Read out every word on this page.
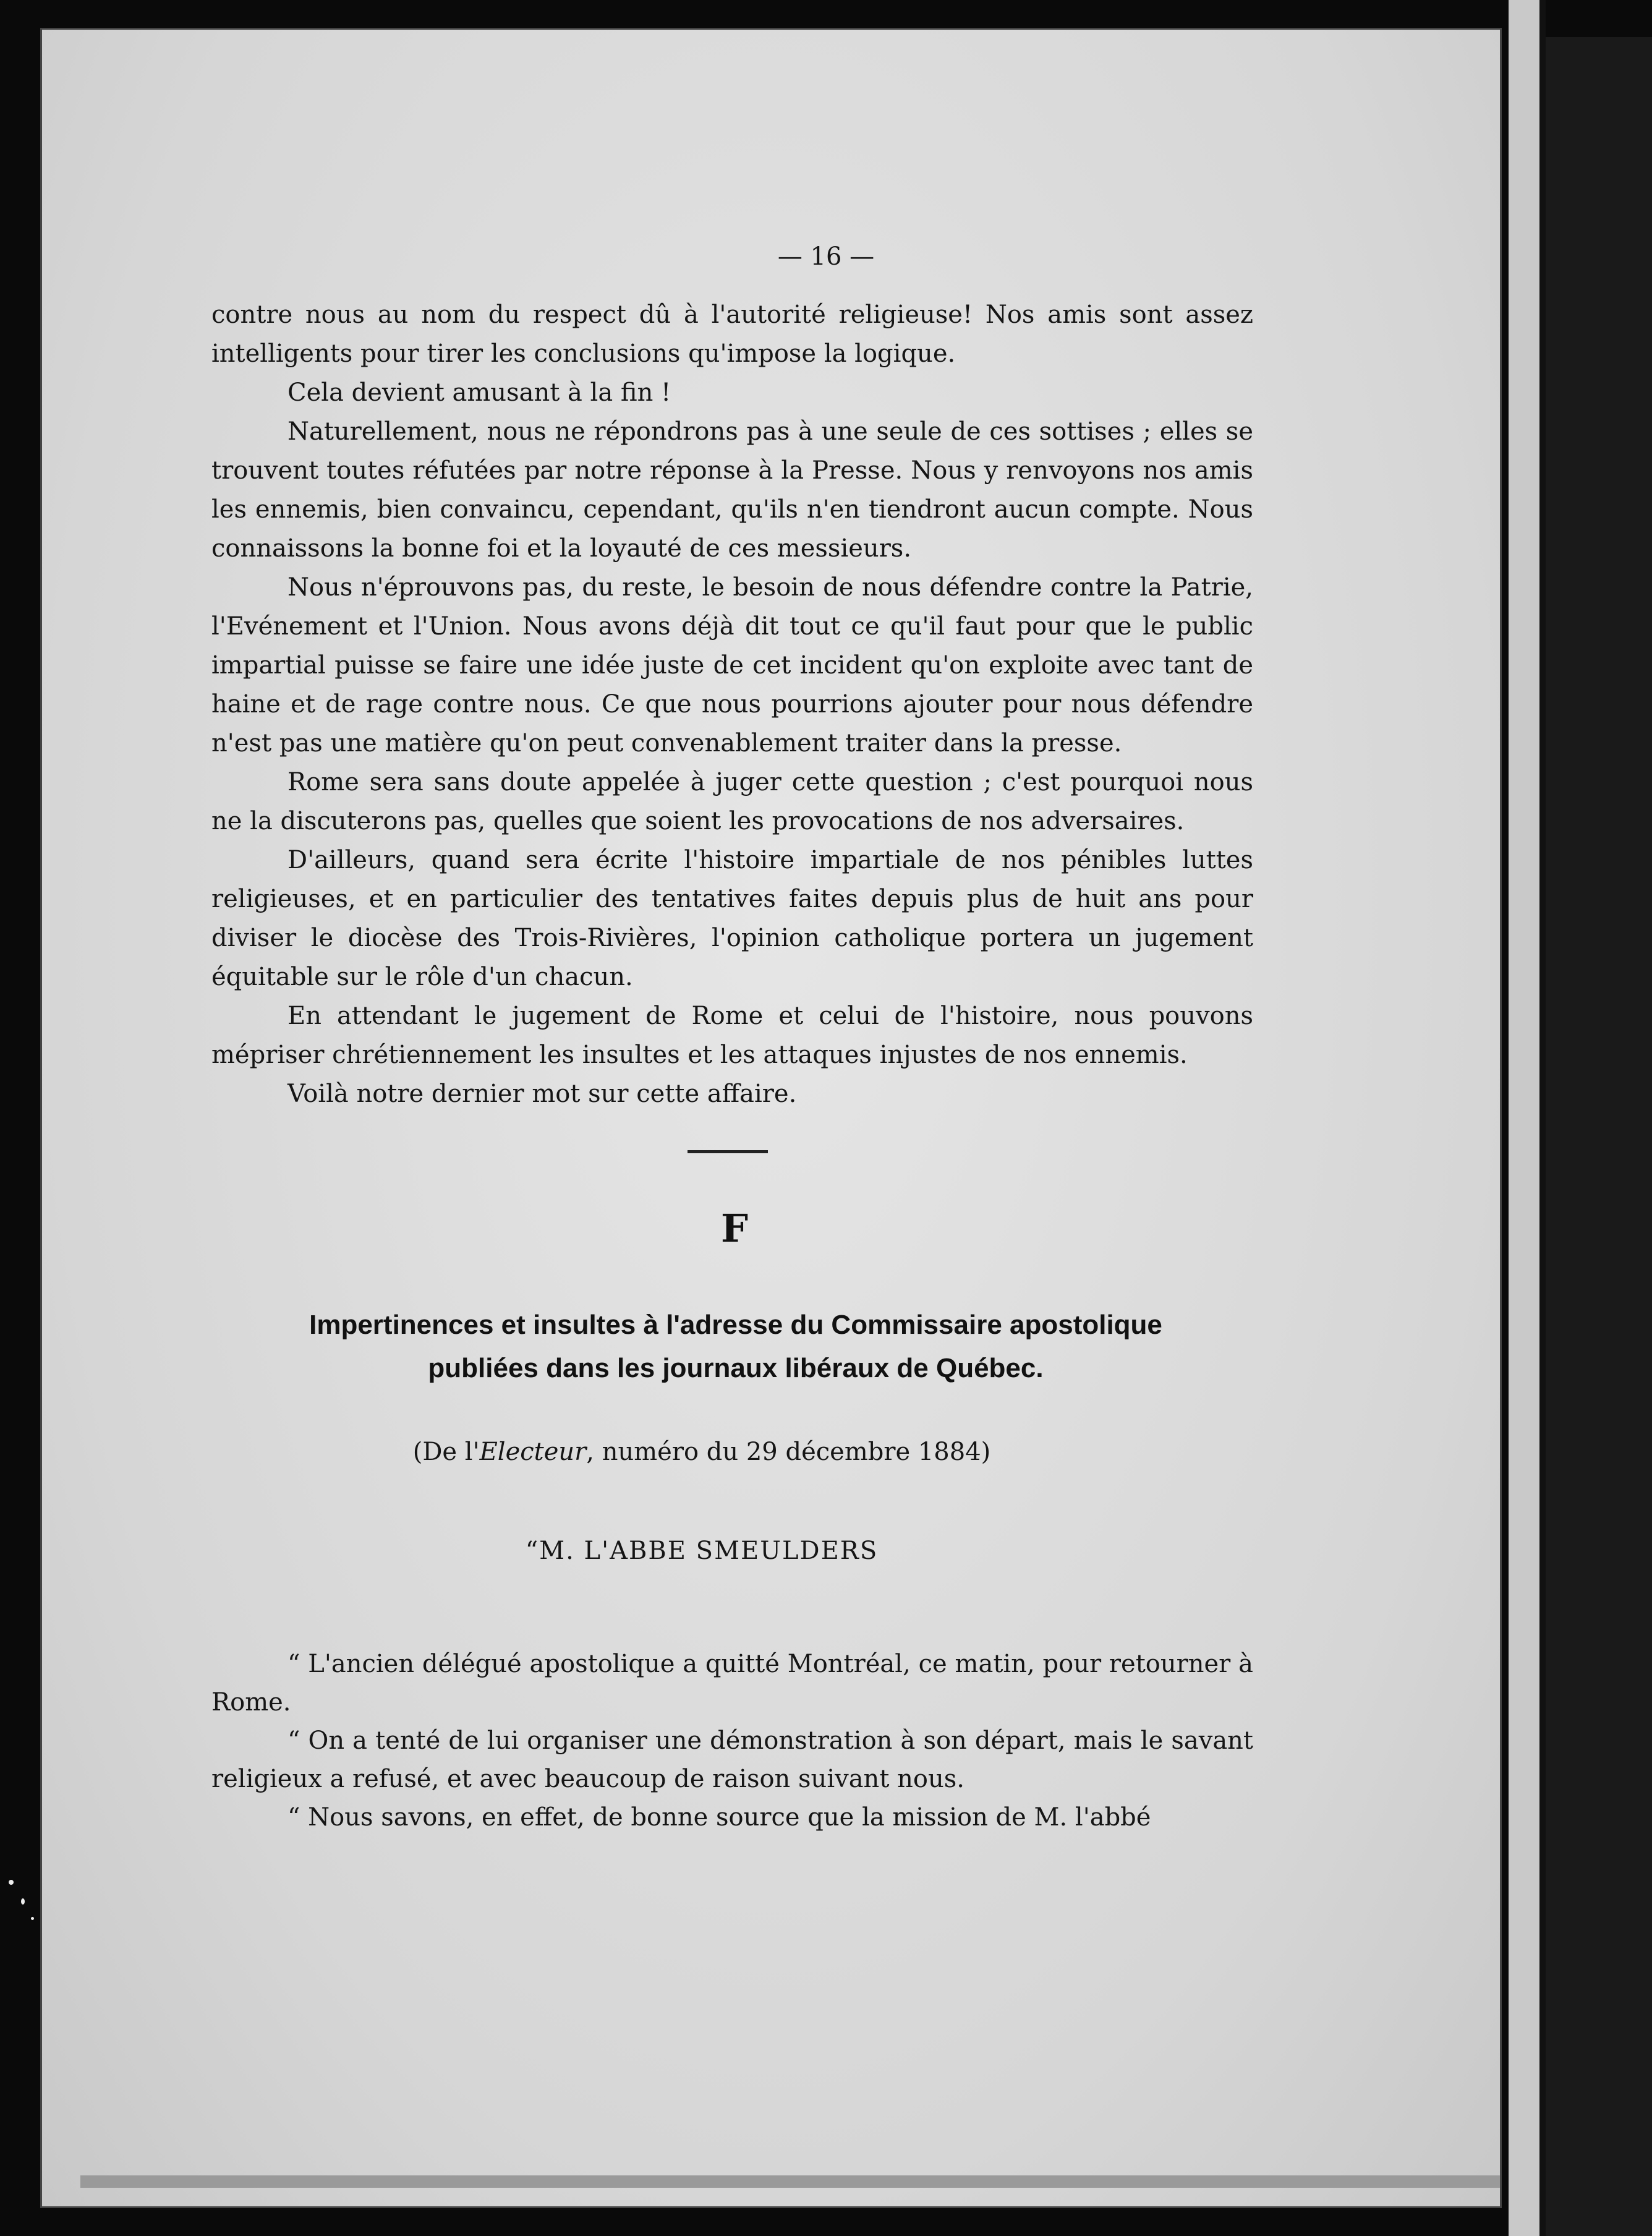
— 16 —

contre nous au nom du respect dû à l'autorité religieuse! Nos amis sont assez intelligents pour tirer les conclusions qu'impose la logique.

Cela devient amusant à la fin !

Naturellement, nous ne répondrons pas à une seule de ces sottises ; elles se trouvent toutes réfutées par notre réponse à la Presse. Nous y renvoyons nos amis les ennemis, bien convaincu, cependant, qu'ils n'en tiendront aucun compte. Nous connaissons la bonne foi et la loyauté de ces messieurs.

Nous n'éprouvons pas, du reste, le besoin de nous défendre contre la Patrie, l'Evénement et l'Union. Nous avons déjà dit tout ce qu'il faut pour que le public impartial puisse se faire une idée juste de cet incident qu'on exploite avec tant de haine et de rage contre nous. Ce que nous pourrions ajouter pour nous défendre n'est pas une matière qu'on peut convenablement traiter dans la presse.

Rome sera sans doute appelée à juger cette question ; c'est pourquoi nous ne la discuterons pas, quelles que soient les provocations de nos adversaires.

D'ailleurs, quand sera écrite l'histoire impartiale de nos pénibles luttes religieuses, et en particulier des tentatives faites depuis plus de huit ans pour diviser le diocèse des Trois-Rivières, l'opinion catholique portera un jugement équitable sur le rôle d'un chacun.

En attendant le jugement de Rome et celui de l'histoire, nous pouvons mépriser chrétiennement les insultes et les attaques injustes de nos ennemis.

Voilà notre dernier mot sur cette affaire.

F
Impertinences et insultes à l'adresse du Commissaire apostolique
publiées dans les journaux libéraux de Québec.
(De l'Electeur, numéro du 29 décembre 1884)
“M. L'ABBE SMEULDERS

“ L'ancien délégué apostolique a quitté Montréal, ce matin, pour retourner à Rome.

“ On a tenté de lui organiser une démonstration à son départ, mais le savant religieux a refusé, et avec beaucoup de raison suivant nous.

“ Nous savons, en effet, de bonne source que la mission de M. l'abbé
